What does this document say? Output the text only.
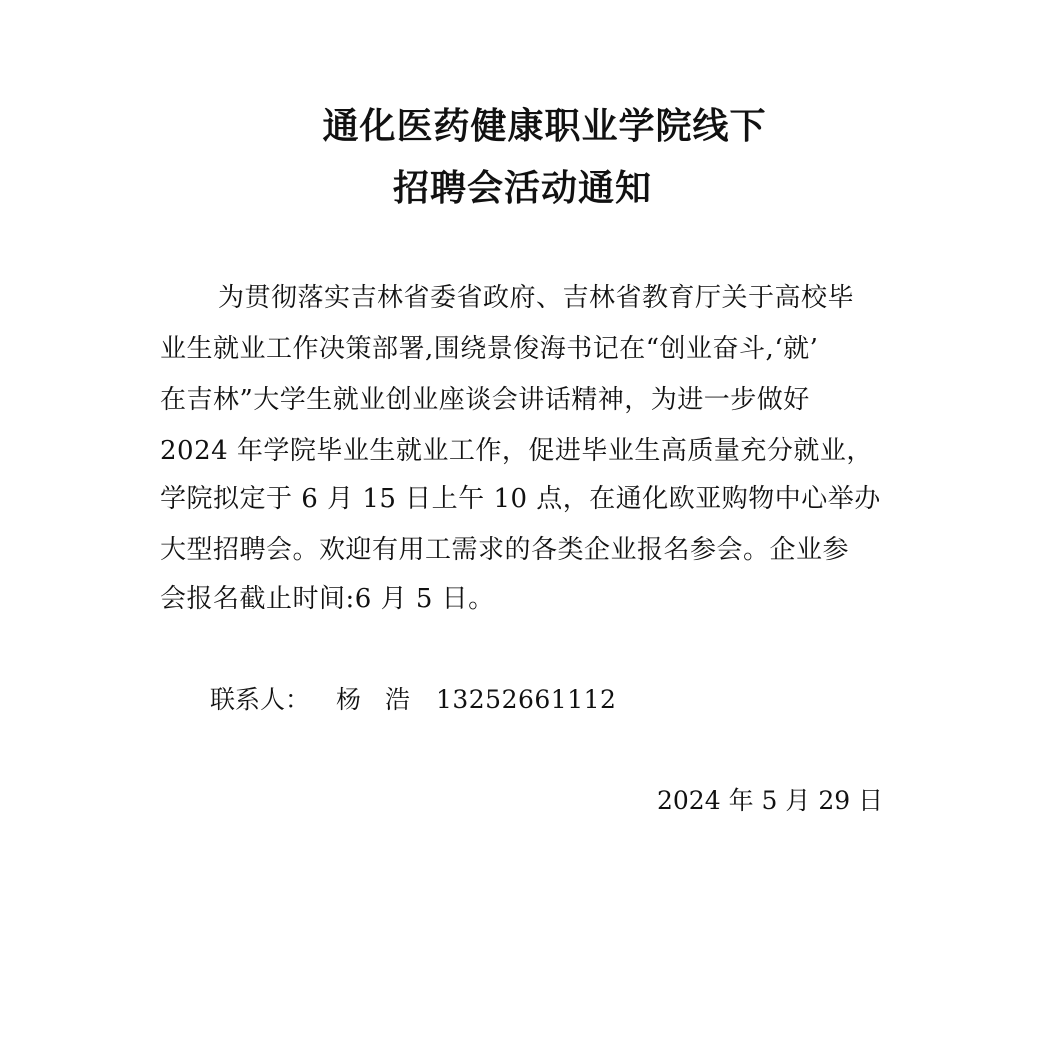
通化医药健康职业学院线下
招聘会活动通知
为贯彻落实吉林省委省政府、吉林省教育厅关于高校毕
业生就业工作决策部署,围绕景俊海书记在“创业奋斗,‘就’
在吉林”大学生就业创业座谈会讲话精神，为进一步做好
2024 年学院毕业生就业工作，促进毕业生高质量充分就业，
学院拟定于 6 月 15 日上午 10 点，在通化欧亚购物中心举办
大型招聘会。欢迎有用工需求的各类企业报名参会。企业参
会报名截止时间:6 月 5 日。
联系人： 杨 浩 13252661112
2024 年 5 月 29 日
